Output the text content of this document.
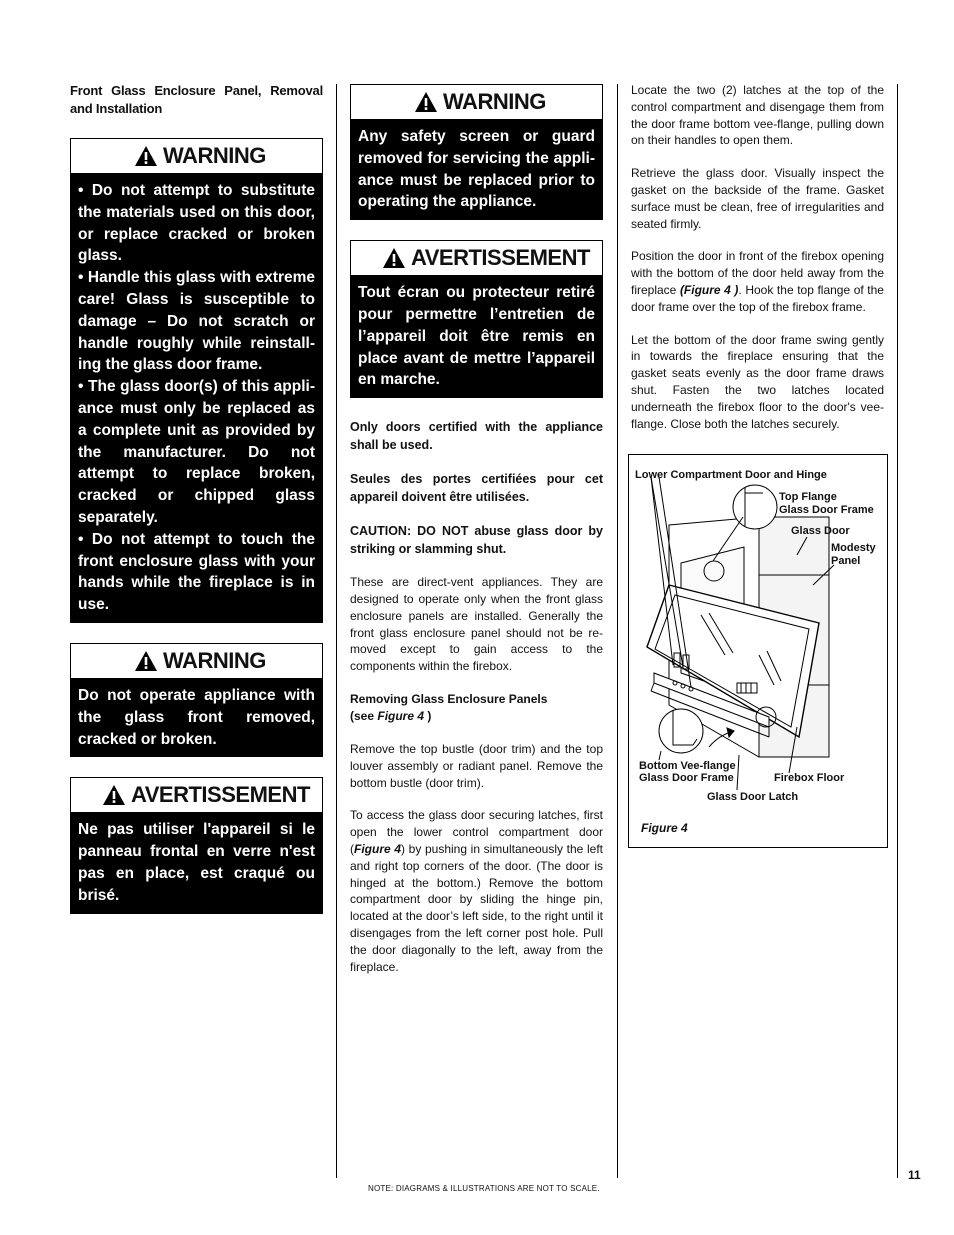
Front Glass Enclosure Panel, Removal and Installation

WARNING

• Do not attempt to substitute the materials used on this door, or replace cracked or broken glass.

• Handle this glass with extreme care! Glass is susceptible to damage – Do not scratch or handle roughly while reinstall-ing the glass door frame.

• The glass door(s) of this appli-ance must only be replaced as a complete unit as provided by the manufacturer. Do not attempt to replace broken, cracked or chipped glass separately.

• Do not attempt to touch the front enclosure glass with your hands while the fireplace is in use.

WARNING

Do not operate appliance with the glass front removed, cracked or broken.

AVERTISSEMENT

Ne pas utiliser l'appareil si le panneau frontal en verre n'est pas en place, est craqué ou brisé.

WARNING

Any safety screen or guard removed for servicing the appli-ance must be replaced prior to operating the appliance.

AVERTISSEMENT

Tout écran ou protecteur retiré pour permettre l’entretien de l’appareil doit être remis en place avant de mettre l’appareil en marche.

Only doors certified with the appliance shall be used.

Seules des portes certifiées pour cet appareil doivent être utilisées.

CAUTION: DO NOT abuse glass door by striking or slamming shut.

These are direct-vent appliances. They are designed to operate only when the front glass enclosure panels are installed. Generally the front glass enclosure panel should not be re-moved except to gain access to the components within the firebox.

Removing Glass Enclosure Panels
(see Figure 4 )

Remove the top bustle (door trim) and the top louver assembly or radiant panel. Remove the bottom bustle (door trim).

To access the glass door securing latches, first open the lower control compartment door (Figure 4) by pushing in simultaneously the left and right top corners of the door. (The door is hinged at the bottom.) Remove the bottom compartment door by sliding the hinge pin, located at the door’s left side, to the right until it disengages from the left corner post hole. Pull the door diagonally to the left, away from the fireplace.

Locate the two (2) latches at the top of the control compartment and disengage them from the door frame bottom vee-flange, pulling down on their handles to open them.

Retrieve the glass door. Visually inspect the gasket on the backside of the frame. Gasket surface must be clean, free of irregularities and seated firmly.

Position the door in front of the firebox opening with the bottom of the door held away from the fireplace (Figure 4 ). Hook the top flange of the door frame over the top of the firebox frame.

Let the bottom of the door frame swing gently in towards the fireplace ensuring that the gasket seats evenly as the door frame draws shut. Fasten the two latches located underneath the firebox floor to the door's vee-flange. Close both the latches securely.

Lower Compartment Door and Hinge
Top Flange
Glass Door Frame
Glass Door
Modesty
Panel
Bottom Vee-flange
Glass Door Frame	Firebox Floor
Glass Door Latch
Figure 4
11
NOTE: DIAGRAMS & ILLUSTRATIONS ARE NOT TO SCALE.
